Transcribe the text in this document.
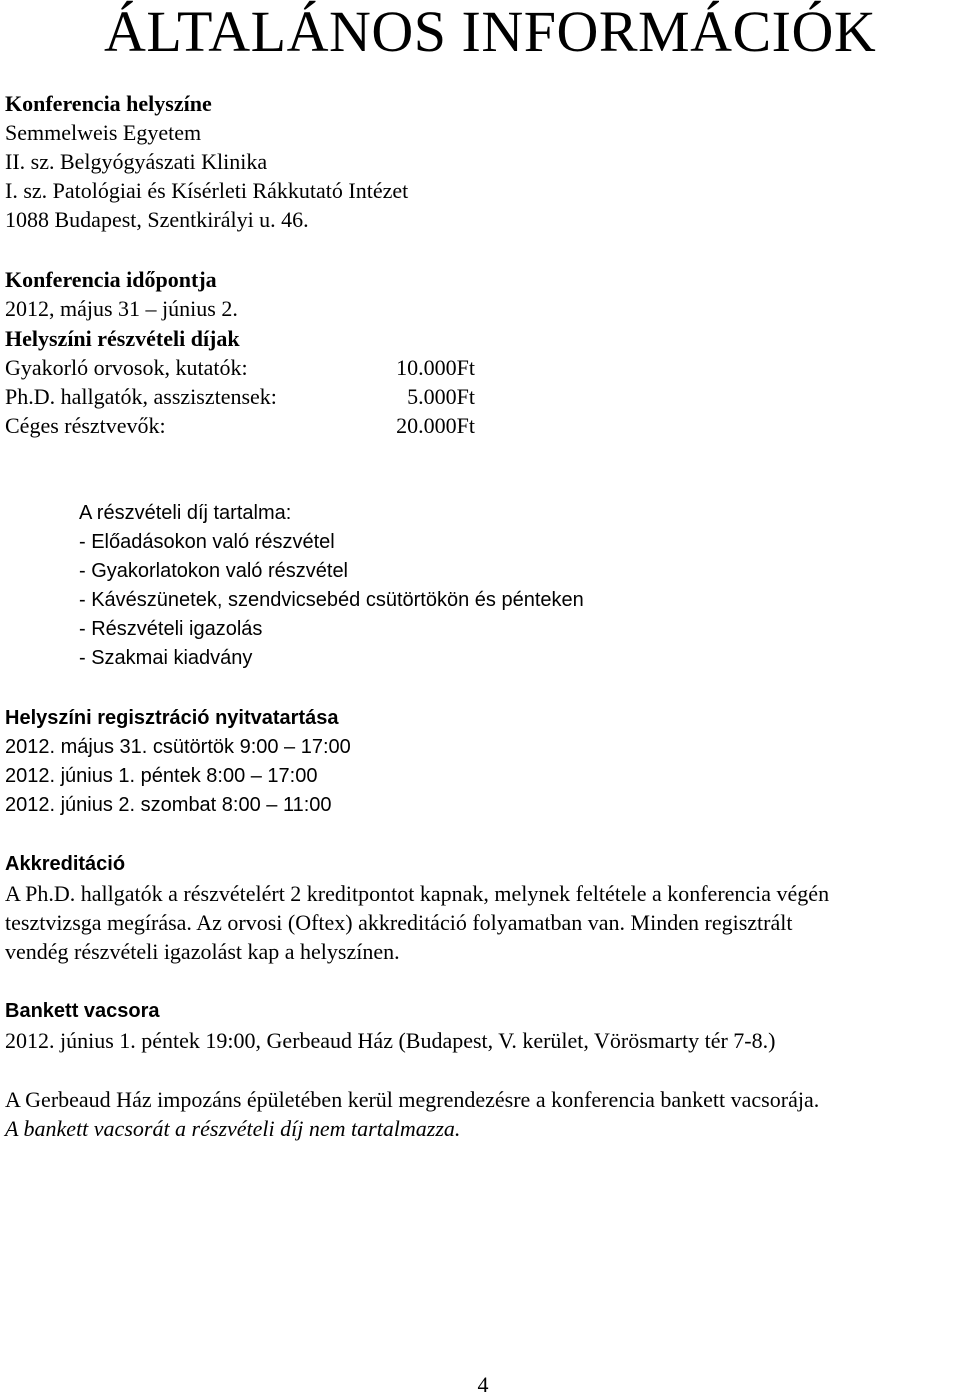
ÁLTALÁNOS INFORMÁCIÓK
Konferencia helyszíne
Semmelweis Egyetem
II. sz. Belgyógyászati Klinika
I. sz. Patológiai és Kísérleti Rákkutató Intézet
1088 Budapest, Szentkirályi u. 46.
Konferencia időpontja
2012, május 31 – június 2.
Helyszíni részvételi díjak
Gyakorló orvosok, kutatók:	10.000Ft
Ph.D. hallgatók, asszisztensek:	5.000Ft
Céges résztvevők:	20.000Ft
A részvételi díj tartalma:
- Előadásokon való részvétel
- Gyakorlatokon való részvétel
- Kávészünetek, szendvicsebéd csütörtökön és pénteken
- Részvételi igazolás
- Szakmai kiadvány
Helyszíni regisztráció nyitvatartása
2012. május 31. csütörtök 9:00 – 17:00
2012. június 1. péntek 8:00 – 17:00
2012. június 2. szombat 8:00 – 11:00
Akkreditáció
A Ph.D. hallgatók a részvételért 2 kreditpontot kapnak, melynek feltétele a konferencia végén
tesztvizsga megírása. Az orvosi (Oftex) akkreditáció folyamatban van. Minden regisztrált
vendég részvételi igazolást kap a helyszínen.
Bankett vacsora
2012. június 1. péntek 19:00, Gerbeaud Ház (Budapest, V. kerület, Vörösmarty tér 7-8.)
A Gerbeaud Ház impozáns épületében kerül megrendezésre a konferencia bankett vacsorája.
A bankett vacsorát a részvételi díj nem tartalmazza.
4
